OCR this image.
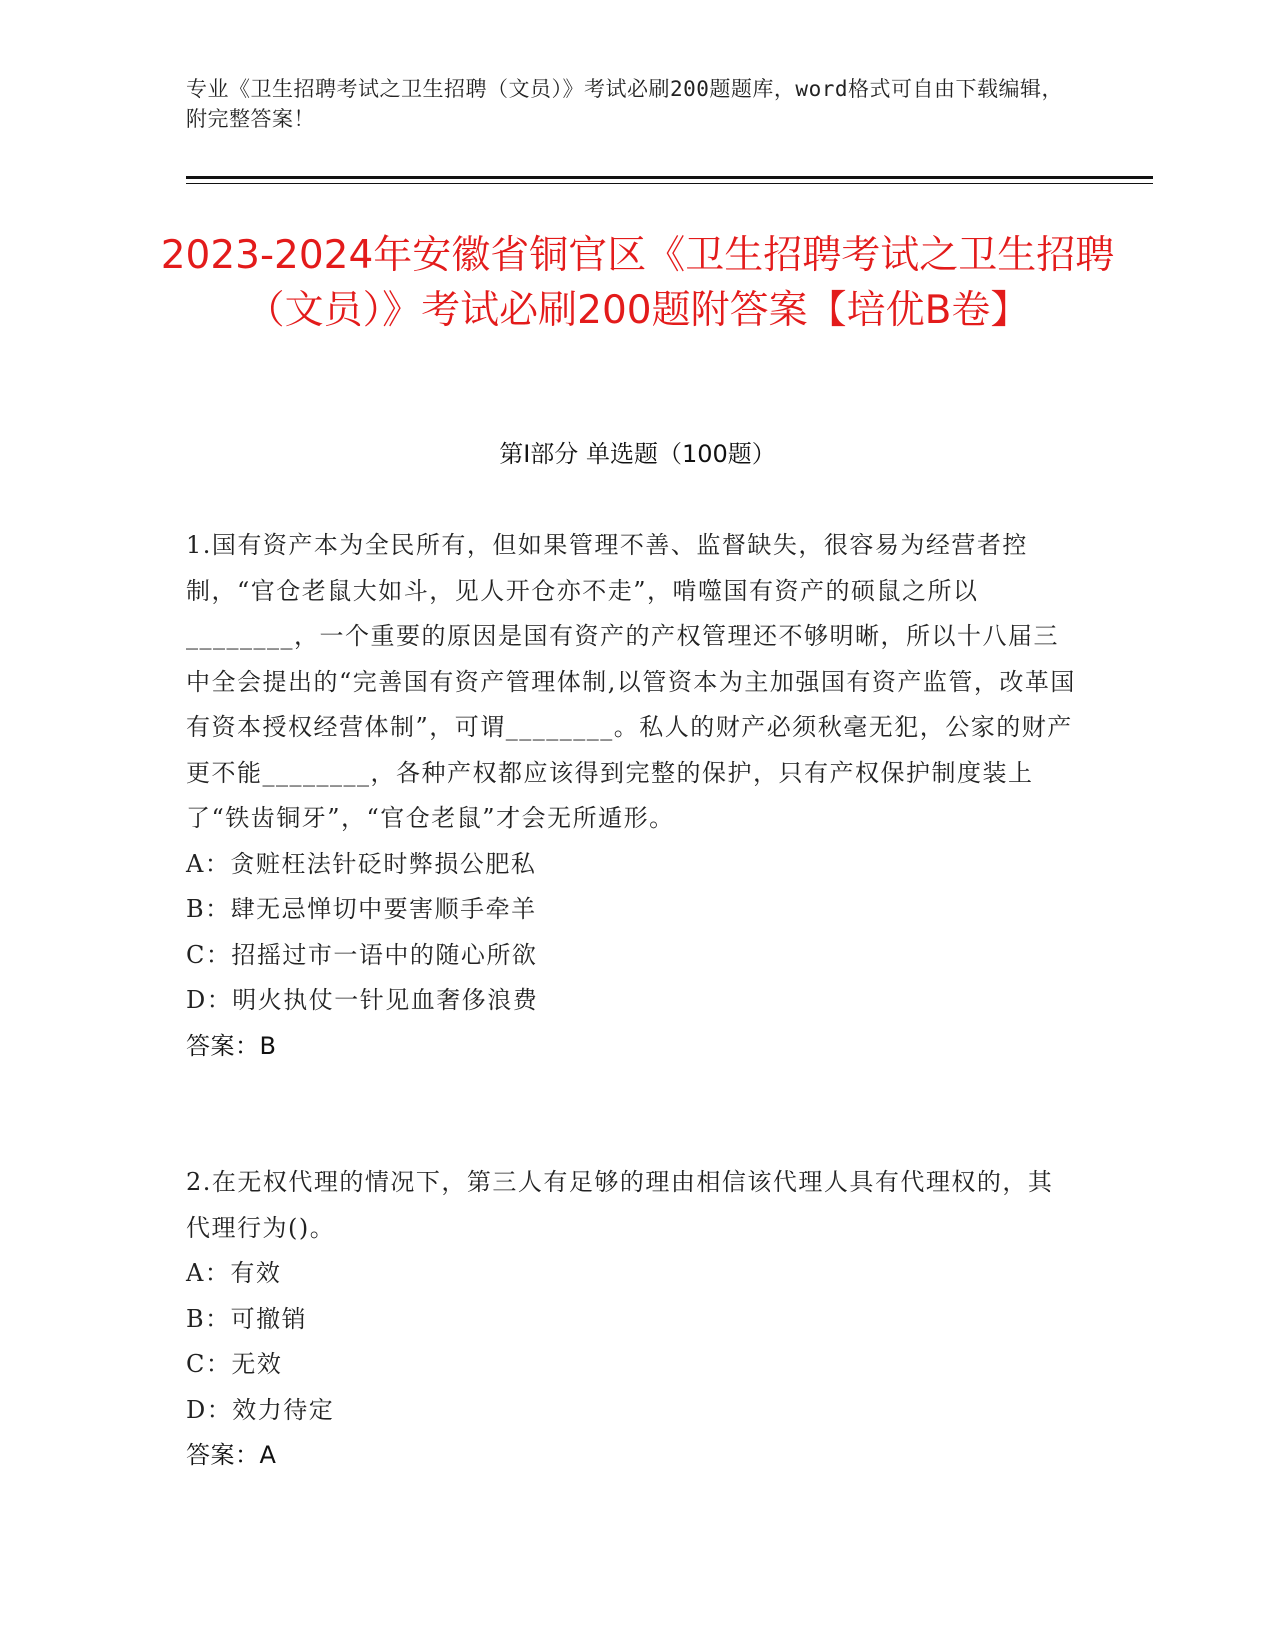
专业《卫生招聘考试之卫生招聘（文员）》考试必刷200题题库，word格式可自由下载编辑，附完整答案！
2023-2024年安徽省铜官区《卫生招聘考试之卫生招聘（文员）》考试必刷200题附答案【培优B卷】
第Ⅰ部分 单选题（100题）

1.国有资产本为全民所有，但如果管理不善、监督缺失，很容易为经营者控制，“官仓老鼠大如斗，见人开仓亦不走”，啃噬国有资产的硕鼠之所以________，一个重要的原因是国有资产的产权管理还不够明晰，所以十八届三中全会提出的“完善国有资产管理体制,以管资本为主加强国有资产监管，改革国有资本授权经营体制”，可谓________。私人的财产必须秋毫无犯，公家的财产更不能________，各种产权都应该得到完整的保护，只有产权保护制度装上了“铁齿铜牙”，“官仓老鼠”才会无所遁形。

A：贪赃枉法针砭时弊损公肥私

B：肆无忌惮切中要害顺手牵羊

C：招摇过市一语中的随心所欲

D：明火执仗一针见血奢侈浪费

答案：B

2.在无权代理的情况下，第三人有足够的理由相信该代理人具有代理权的，其代理行为()。

A：有效

B：可撤销

C：无效

D：效力待定

答案：A
